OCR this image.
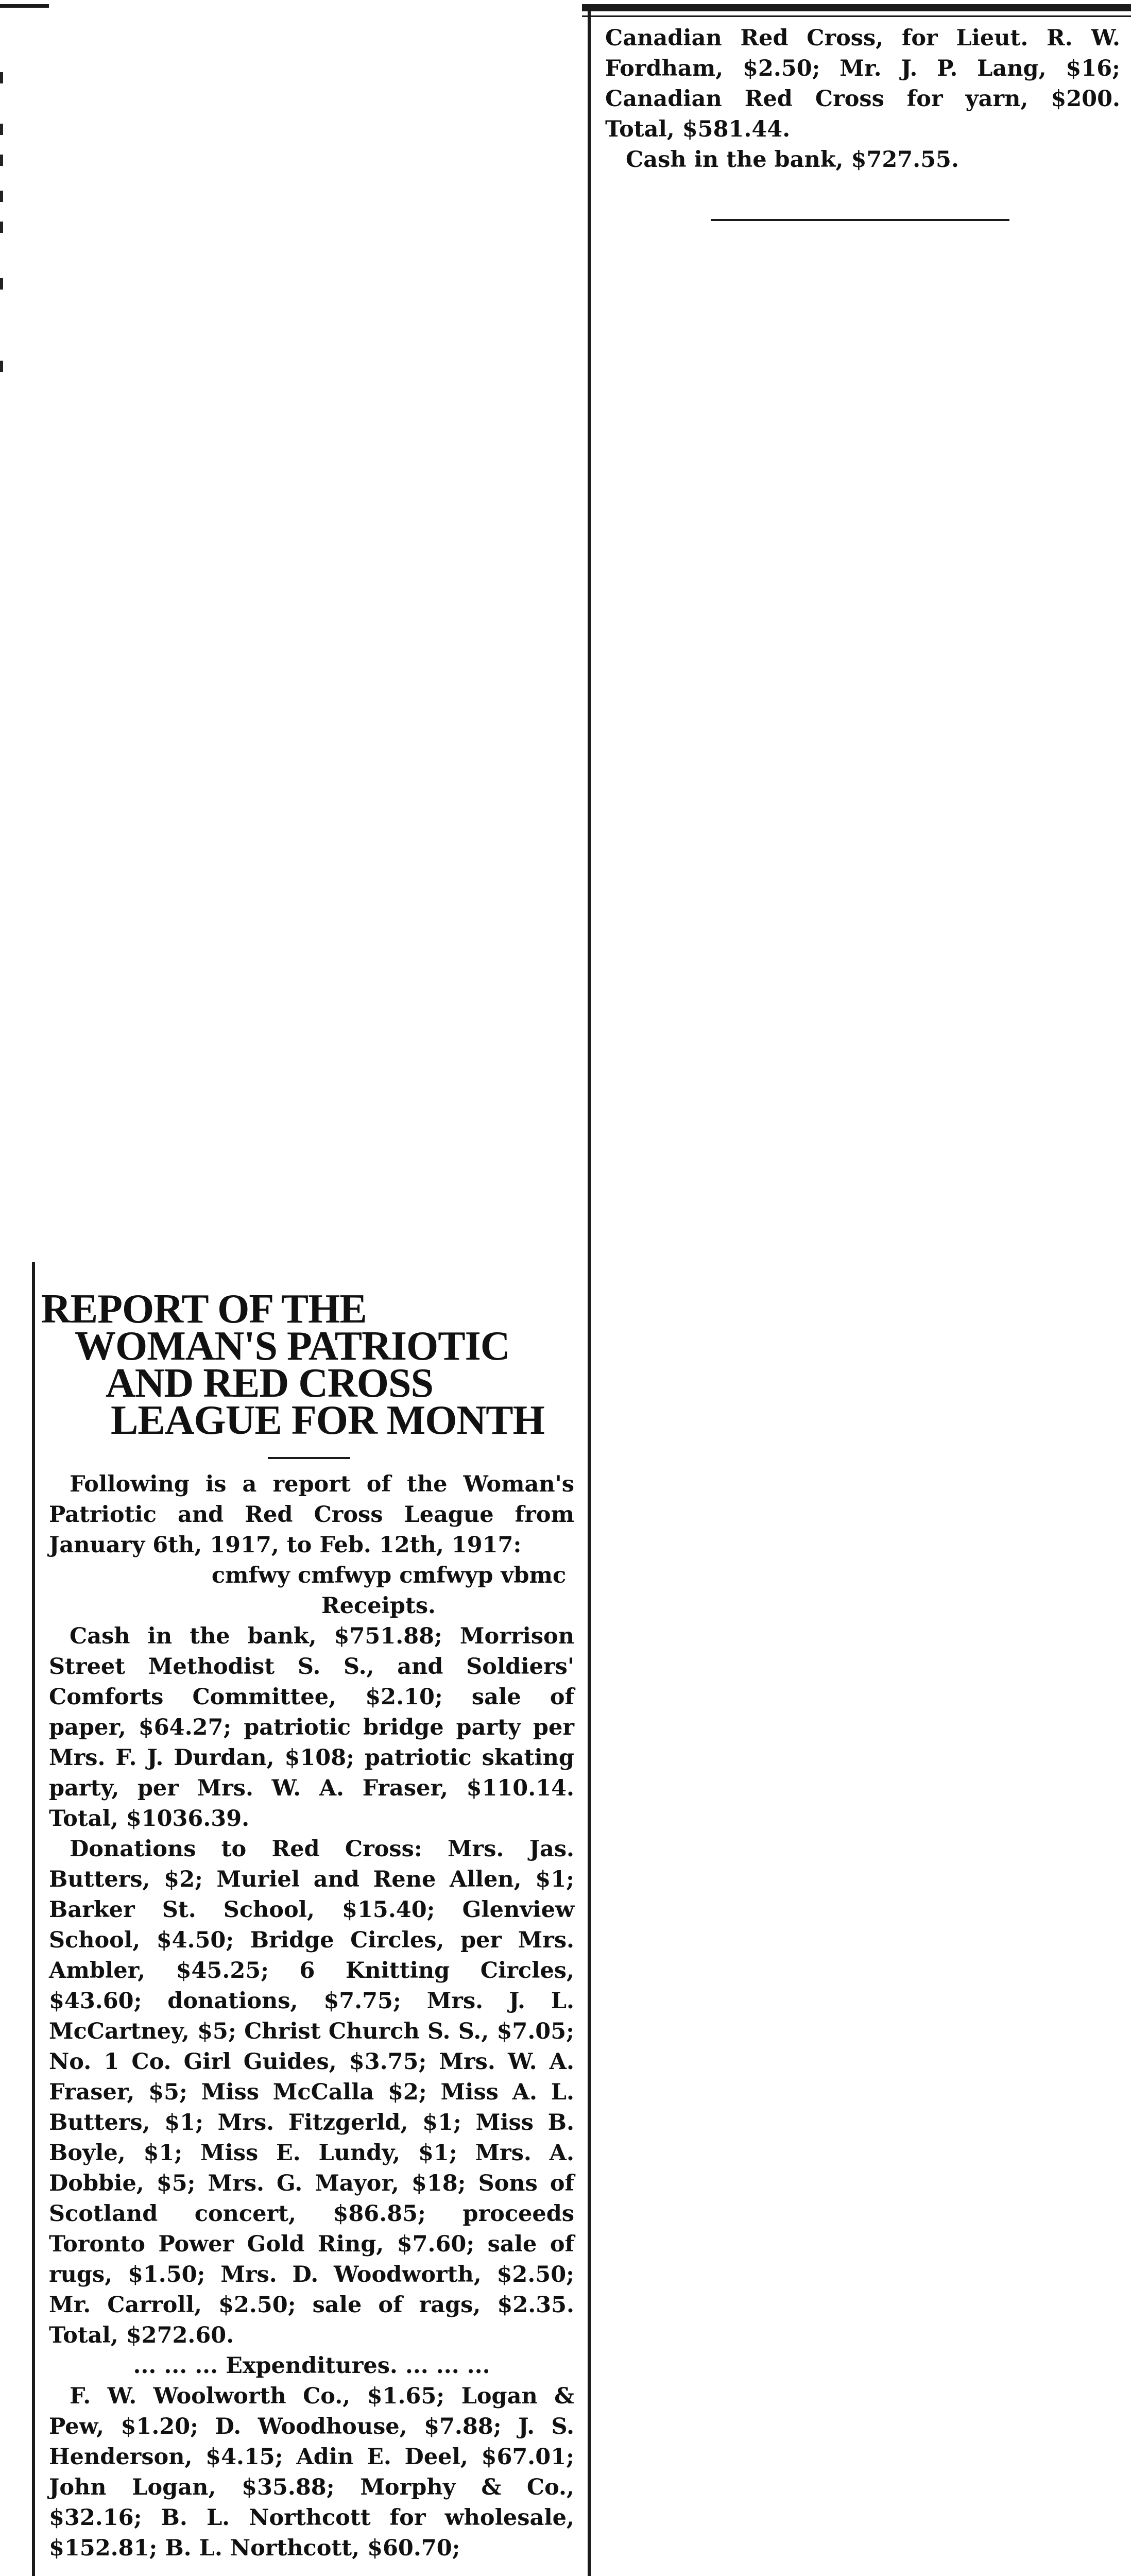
Canadian Red Cross, for Lieut. R. W. Fordham, $2.50; Mr. J. P. Lang, $16; Canadian Red Cross for yarn, $200. Total, $581.44.

Cash in the bank, $727.55.

REPORT OF THE
WOMAN'S PATRIOTIC
AND RED CROSS
LEAGUE FOR MONTH

Following is a report of the Woman's Patriotic and Red Cross League from January 6th, 1917, to Feb. 12th, 1917:

cmfwy cmfwyp cmfwyp vbmc

Receipts.

Cash in the bank, $751.88; Morrison Street Methodist S. S., and Soldiers' Comforts Committee, $2.10; sale of paper, $64.27; patriotic bridge party per Mrs. F. J. Durdan, $108; patriotic skating party, per Mrs. W. A. Fraser, $110.14. Total, $1036.39.

Donations to Red Cross: Mrs. Jas. Butters, $2; Muriel and Rene Allen, $1; Barker St. School, $15.40; Glenview School, $4.50; Bridge Circles, per Mrs. Ambler, $45.25; 6 Knitting Circles, $43.60; donations, $7.75; Mrs. J. L. McCartney, $5; Christ Church S. S., $7.05; No. 1 Co. Girl Guides, $3.75; Mrs. W. A. Fraser, $5; Miss McCalla $2; Miss A. L. Butters, $1; Mrs. Fitzgerld, $1; Miss B. Boyle, $1; Miss E. Lundy, $1; Mrs. A. Dobbie, $5; Mrs. G. Mayor, $18; Sons of Scotland concert, $86.85; proceeds Toronto Power Gold Ring, $7.60; sale of rugs, $1.50; Mrs. D. Woodworth, $2.50; Mr. Carroll, $2.50; sale of rags, $2.35. Total, $272.60.

... ... ... Expenditures. ... ... ...

F. W. Woolworth Co., $1.65; Logan & Pew, $1.20; D. Woodhouse, $7.88; J. S. Henderson, $4.15; Adin E. Deel, $67.01; John Logan, $35.88; Morphy & Co., $32.16; B. L. Northcott for wholesale, $152.81; B. L. Northcott, $60.70;
